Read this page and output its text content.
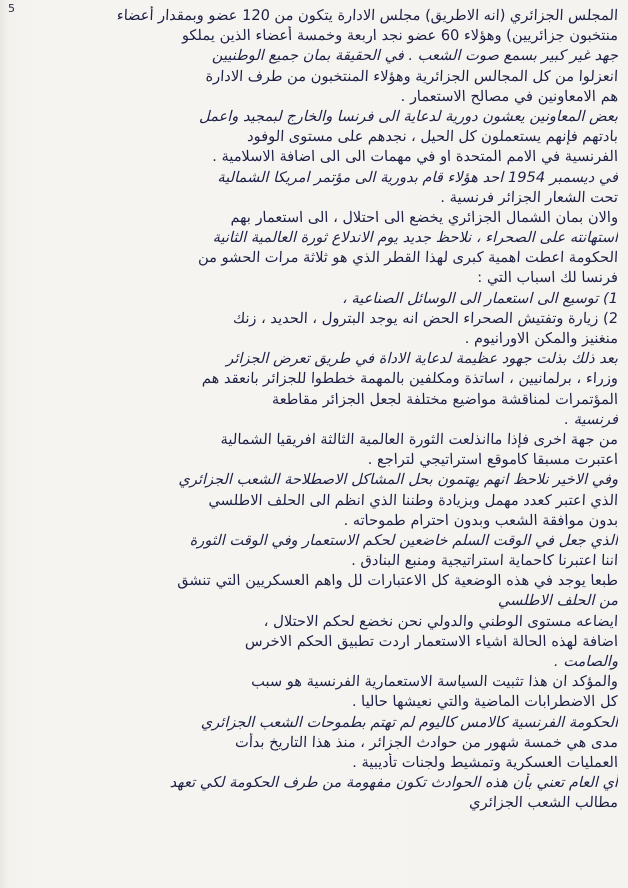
5	المجلس الجزائري (انه الاطريق) مجلس الادارة يتكون من 120 عضو وبمقدار أعضاء
منتخبون جزائريين) وهؤلاء 60 عضو نجد اربعة وخمسة أعضاء الذين يملكو
جهد غير كبير بسمع صوت الشعب . في الحقيقة بمان جميع الوطنيين
انعزلوا من كل المجالس الجزائرية وهؤلاء المنتخبون من طرف الادارة
هم الامعاونين في مصالح الاستعمار .
بعض المعاونين يعشون دورية لدعاية الى فرنسا والخارج لبمجيد واعمل
بادتهم فإنهم يستعملون كل الحيل ، نجدهم على مستوى الوفود
الفرنسية في الامم المتحدة او في مهمات الى الى اضافة الاسلامية .
في ديسمبر 1954 احد هؤلاء قام بدورية الى مؤتمر امريكا الشمالية
تحت الشعار الجزائر فرنسية .
والان بمان الشمال الجزائري يخضع الى احتلال ، الى استعمار بهم
استهانته على الصحراء ، نلاحظ جديد يوم الاندلاع ثورة العالمية الثانية
الحكومة اعطت اهمية كبرى لهذا القطر الذي هو ثلاثة مرات الحشو من
فرنسا لك اسباب التي :
1) توسيع الى استعمار الى الوسائل الصناعية ،
2) زيارة وتفتيش الصحراء الحض انه يوجد البترول ، الحديد ، زنك
منغنيز والمكن الاورانيوم .
بعد ذلك بذلت جهود عظيمة لدعاية الاداة في طريق تعرض الجزائر
وزراء ، برلمانيين ، اساتذة ومكلفين بالمهمة خططوا للجزائر بانعقد هم
المؤتمرات لمناقشة مواضيع مختلفة لجعل الجزائر مقاطعة
فرنسية .
من جهة اخرى فإذا ماانذلعت الثورة العالمية الثالثة افريقيا الشمالية
اعتبرت مسبقا كاموقع استراتيجي لتراجع .
وفي الاخير نلاحظ انهم يهتمون بحل المشاكل الاصطلاحة الشعب الجزائري
الذي اعتبر كعدد مهمل وبزيادة وطننا الذي انظم الى الحلف الاطلسي
بدون موافقة الشعب وبدون احترام طموحاته .
الذي جعل في الوقت السلم خاضعين لحكم الاستعمار وفي الوقت الثورة
اننا اعتبرنا كاحماية استراتيجية ومنبع البنادق .
طبعا يوجد في هذه الوضعية كل الاعتبارات لل واهم العسكريين التي تنشق
من الحلف الاطلسي
ايضاعه مستوى الوطني والدولي نحن نخضع لحكم الاحتلال ،
اضافة لهذه الحالة اشياء الاستعمار اردت تطبيق الحكم الاخرس
والصامت .
والمؤكد ان هذا تثبيت السياسة الاستعمارية الفرنسية هو سبب
كل الاضطرابات الماضية والتي نعيشها حاليا .
الحكومة الفرنسية كالامس كاليوم لم تهتم بطموحات الشعب الجزائري
مدى هي خمسة شهور من حوادث الجزائر ، منذ هذا التاريخ بدأت
العمليات العسكرية وتمشيط ولجنات تأديبية .
أي العام تعني بأن هذه الحوادث تكون مفهومة من طرف الحكومة لكي تعهد
مطالب الشعب الجزائري
